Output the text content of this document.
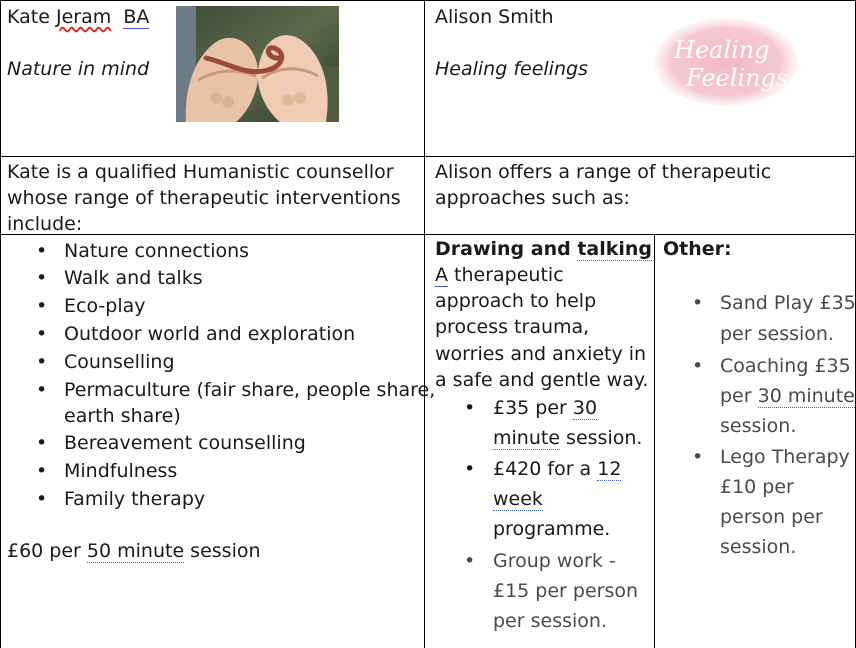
Kate Jeram BA
Nature in mind
Alison Smith
Healing feelings
Healing
Feelings
Kate is a qualified Humanistic counsellor
whose range of therapeutic interventions
include:
Alison offers a range of therapeutic
approaches such as:
• Nature connections
• Walk and talks
• Eco-play
• Outdoor world and exploration
• Counselling
• Permaculture (fair share, people share,
earth share)
• Bereavement counselling
• Mindfulness
• Family therapy
£60 per 50 minute session
Drawing and talking
A therapeutic
approach to help
process trauma,
worries and anxiety in
a safe and gentle way.
• £35 per 30
minute session.
• £420 for a 12
week
programme.
• Group work -
£15 per person
per session.
Other:
• Sand Play £35
per session.
• Coaching £35
per 30 minute
session.
• Lego Therapy
£10 per
person per
session.
